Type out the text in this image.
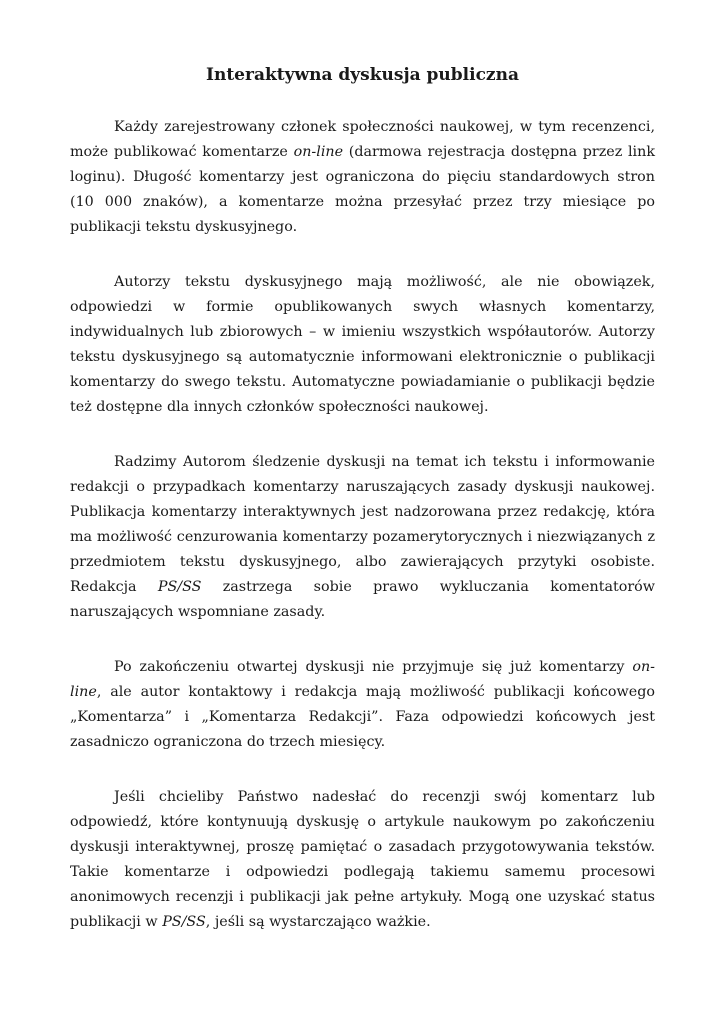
Interaktywna dyskusja publiczna

Każdy zarejestrowany członek społeczności naukowej, w tym recenzenci, może publikować komentarze on-line (darmowa rejestracja dostępna przez link loginu). Długość komentarzy jest ograniczona do pięciu standardowych stron (10 000 znaków), a komentarze można przesyłać przez trzy miesiące po publikacji tekstu dyskusyjnego.

Autorzy tekstu dyskusyjnego mają możliwość, ale nie obowiązek, odpowiedzi w formie opublikowanych swych własnych komentarzy, indywidualnych lub zbiorowych – w imieniu wszystkich współautorów. Autorzy tekstu dyskusyjnego są automatycznie informowani elektronicznie o publikacji komentarzy do swego tekstu. Automatyczne powiadamianie o publikacji będzie też dostępne dla innych członków społeczności naukowej.

Radzimy Autorom śledzenie dyskusji na temat ich tekstu i informowanie redakcji o przypadkach komentarzy naruszających zasady dyskusji naukowej. Publikacja komentarzy interaktywnych jest nadzorowana przez redakcję, która ma możliwość cenzurowania komentarzy pozamerytorycznych i niezwiązanych z przedmiotem tekstu dyskusyjnego, albo zawierających przytyki osobiste. Redakcja PS/SS zastrzega sobie prawo wykluczania komentatorów naruszających wspomniane zasady.

Po zakończeniu otwartej dyskusji nie przyjmuje się już komentarzy on-line, ale autor kontaktowy i redakcja mają możliwość publikacji końcowego „Komentarza” i „Komentarza Redakcji”. Faza odpowiedzi końcowych jest zasadniczo ograniczona do trzech miesięcy.

Jeśli chcieliby Państwo nadesłać do recenzji swój komentarz lub odpowiedź, które kontynuują dyskusję o artykule naukowym po zakończeniu dyskusji interaktywnej, proszę pamiętać o zasadach przygotowywania tekstów. Takie komentarze i odpowiedzi podlegają takiemu samemu procesowi anonimowych recenzji i publikacji jak pełne artykuły. Mogą one uzyskać status publikacji w PS/SS, jeśli są wystarczająco ważkie.
